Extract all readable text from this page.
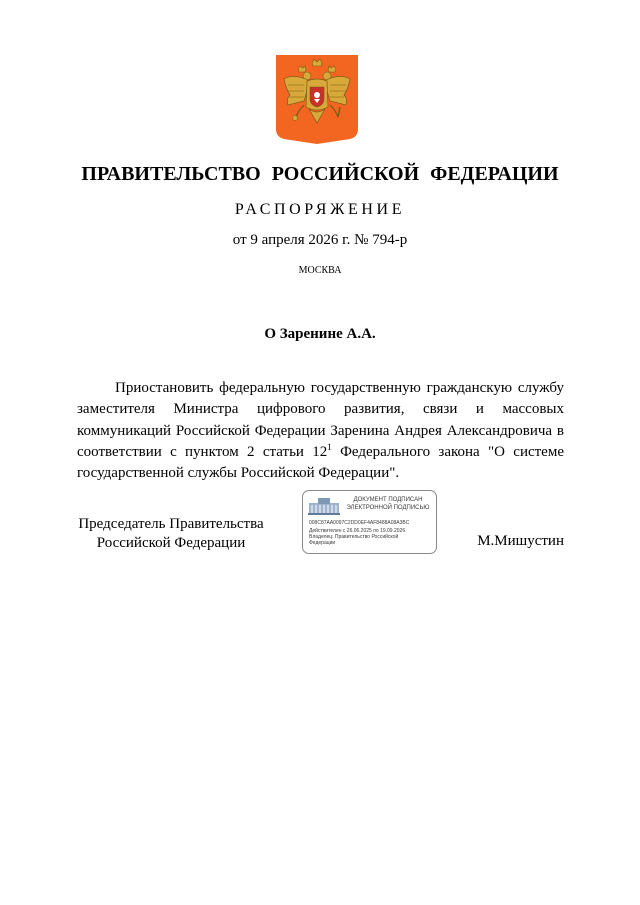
ПРАВИТЕЛЬСТВО РОССИЙСКОЙ ФЕДЕРАЦИИ
РАСПОРЯЖЕНИЕ
от 9 апреля 2026 г. № 794-р
МОСКВА
О Заренине А.А.
Приостановить федеральную государственную гражданскую службу заместителя Министра цифрового развития, связи и массовых коммуникаций Российской Федерации Заренина Андрея Александровича в соответствии с пунктом 2 статьи $12^1$ Федерального закона "О системе государственной службы Российской Федерации".
Председатель Правительства
Российской Федерации
ДОКУМЕНТ ПОДПИСАН
ЭЛЕКТРОННОЙ ПОДПИСЬЮ
008C87AA0097C2DD0EF4AF8488A08A3BC
Действителен с 26.06.2025 по 19.09.2026
Владелец: Правительство Российской
Федерации	М.Мишустин
